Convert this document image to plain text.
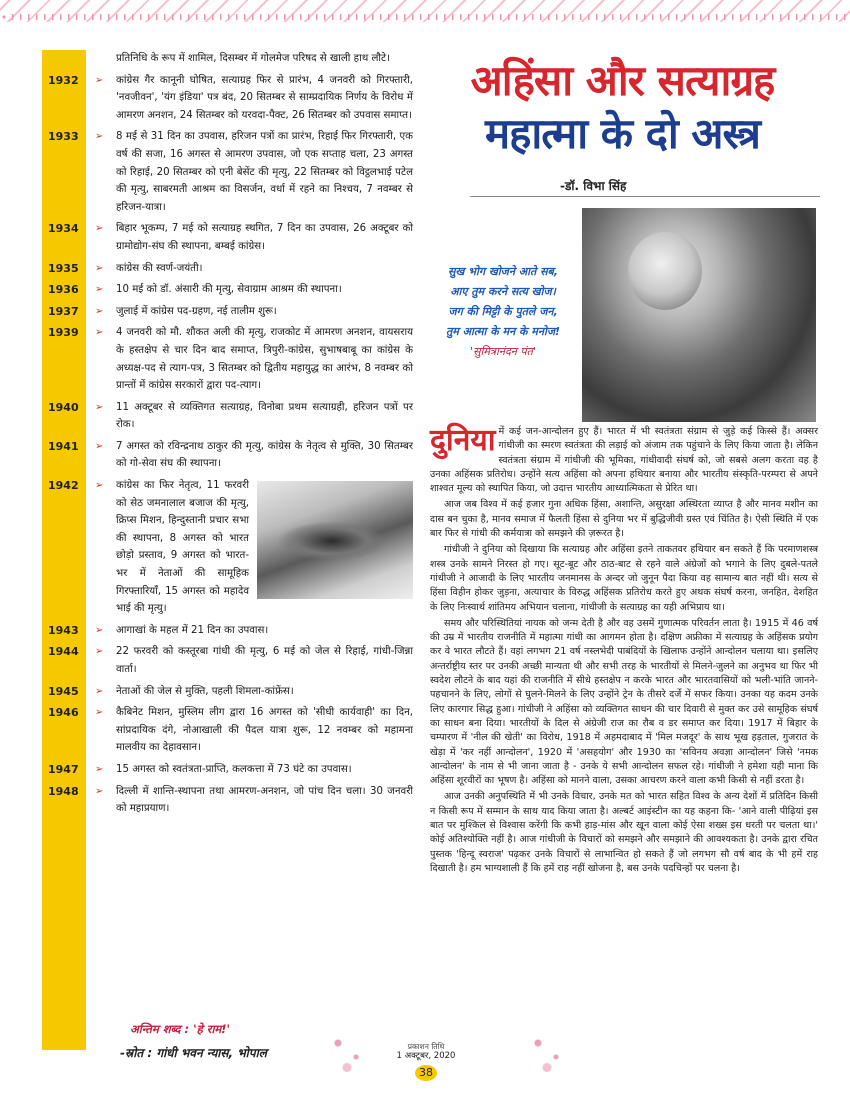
प्रतिनिधि के रूप में शामिल, दिसम्बर में गोलमेज परिषद से खाली हाथ लौटे।
1932 ➢ कांग्रेस गैर कानूनी घोषित, सत्याग्रह फिर से प्रारंभ, 4 जनवरी को गिरफ्तारी, 'नवजीवन', 'यंग इंडिया' पत्र बंद, 20 सितम्बर से साम्प्रदायिक निर्णय के विरोध में आमरण अनशन, 24 सितम्बर को यरवदा-पैक्ट, 26 सितम्बर को उपवास समाप्त।
1933 ➢ 8 मई से 31 दिन का उपवास, हरिजन पत्रों का प्रारंभ, रिहाई फिर गिरफ्तारी, एक वर्ष की सजा, 16 अगस्त से आमरण उपवास, जो एक सप्ताह चला, 23 अगस्त को रिहाई, 20 सितम्बर को एनी बेसेंट की मृत्यु, 22 सितम्बर को विट्ठलभाई पटेल की मृत्यु, साबरमती आश्रम का विसर्जन, वर्धा में रहने का निश्चय, 7 नवम्बर से हरिजन-यात्रा।
1934 ➢ बिहार भूकम्प, 7 मई को सत्याग्रह स्थगित, 7 दिन का उपवास, 26 अक्टूबर को ग्रामोद्योग-संघ की स्थापना, बम्बई कांग्रेस।
1935 ➢ कांग्रेस की स्वर्ण-जयंती।
1936 ➢ 10 मई को डॉ. अंसारी की मृत्यु, सेवाग्राम आश्रम की स्थापना।
1937 ➢ जुलाई में कांग्रेस पद-ग्रहण, नई तालीम शुरू।
1939 ➢ 4 जनवरी को मौ. शौकत अली की मृत्यु, राजकोट में आमरण अनशन, वायसराय के हस्तक्षेप से चार दिन बाद समाप्त, त्रिपुरी-कांग्रेस, सुभाषबाबू का कांग्रेस के अध्यक्ष-पद से त्याग-पत्र, 3 सितम्बर को द्वितीय महायुद्ध का आरंभ, 8 नवम्बर को प्रान्तों में कांग्रेस सरकारों द्वारा पद-त्याग।
1940 ➢ 11 अक्टूबर से व्यक्तिगत सत्याग्रह, विनोबा प्रथम सत्याग्रही, हरिजन पत्रों पर रोक।
1941 ➢ 7 अगस्त को रविन्द्रनाथ ठाकुर की मृत्यु, कांग्रेस के नेतृत्व से मुक्ति, 30 सितम्बर को गो-सेवा संघ की स्थापना।
1942 ➢ कांग्रेस का फिर नेतृत्व, 11 फरवरी को सेठ जमनालाल बजाज की मृत्यु, क्रिप्स मिशन, हिन्दुस्तानी प्रचार सभा की स्थापना, 8 अगस्त को भारत छोड़ो प्रस्ताव, 9 अगस्त को भारत-भर में नेताओं की सामूहिक गिरफ्तारियाँ, 15 अगस्त को महादेव भाई की मृत्यु।
1943 ➢ आगाखां के महल में 21 दिन का उपवास।
1944 ➢ 22 फरवरी को कस्तूरबा गांधी की मृत्यु, 6 मई को जेल से रिहाई, गांधी-जिन्ना वार्ता।
1945 ➢ नेताओं की जेल से मुक्ति, पहली शिमला-कांफ्रेंस।
1946 ➢ कैबिनेट मिशन, मुस्लिम लीग द्वारा 16 अगस्त को 'सीधी कार्यवाही' का दिन, सांप्रदायिक दंगे, नोआखाली की पैदल यात्रा शुरू, 12 नवम्बर को महामना मालवीय का देहावसान।
1947 ➢ 15 अगस्त को स्वतंत्रता-प्राप्ति, कलकत्ता में 73 घंटे का उपवास।
1948 ➢ दिल्ली में शान्ति-स्थापना तथा आमरण-अनशन, जो पांच दिन चला। 30 जनवरी को महाप्रयाण।
अन्तिम शब्द : 'हे राम!'
-स्रोत : गांधी भवन न्यास, भोपाल
अहिंसा और सत्याग्रह
महात्मा के दो अस्त्र
-डॉ. विभा सिंह
सुख भोग खोजने आते सब,
आए तुम करने सत्य खोज।
जग की मिट्टी के पुतले जन,
तुम आत्मा के मन के मनोज!
'सुमित्रानंदन पंत'

दुनिया में कई जन-आन्दोलन हुए हैं। भारत में भी स्वतंत्रता संग्राम से जुड़े कई किस्से हैं। अक्सर गांधीजी का स्मरण स्वतंत्रता की लड़ाई को अंजाम तक पहुंचाने के लिए किया जाता है। लेकिन स्वतंत्रता संग्राम में गांधीजी की भूमिका, गांधीवादी संघर्ष को, जो सबसे अलग करता वह है उनका अहिंसक प्रतिरोध। उन्होंने सत्य अहिंसा को अपना हथियार बनाया और भारतीय संस्कृति-परम्परा से अपने शाश्वत मूल्य को स्थापित किया, जो उदात्त भारतीय आध्यात्मिकता से प्रेरित था।

आज जब विश्व में कई हजार गुना अधिक हिंसा, अशान्ति, असुरक्षा अस्थिरता व्याप्त है और मानव मशीन का दास बन चुका है, मानव समाज में फैलती हिंसा से दुनिया भर में बुद्धिजीवी ग्रस्त एवं चिंतित है। ऐसी स्थिति में एक बार फिर से गांधी की कर्मयात्रा को समझने की ज़रूरत है।

गांधीजी ने दुनिया को दिखाया कि सत्याग्रह और अहिंसा इतने ताकतवर हथियार बन सकते हैं कि परमाणशस्त्र शस्त्र उनके सामने निरस्त हो गए। सूट-बूट और ठाठ-बाट से रहने वाले अंग्रेजों को भगाने के लिए दुबले-पतले गांधीजी ने आजादी के लिए भारतीय जनमानस के अन्दर जो जुनून पैदा किया वह सामान्य बात नहीं थी। सत्य से हिंसा विहीन होकर जुड़ना, अत्याचार के विरुद्ध अहिंसक प्रतिरोध करते हुए अथक संघर्ष करना, जनहित, देशहित के लिए निःस्वार्थ शांतिमय अभियान चलाना, गांधीजी के सत्याग्रह का यही अभिप्राय था।

समय और परिस्थितियां नायक को जन्म देती है और वह उसमें गुणात्मक परिवर्तन लाता है। 1915 में 46 वर्ष की उम्र में भारतीय राजनीति में महात्मा गांधी का आगमन होता है। दक्षिण अफ्रीका में सत्याग्रह के अहिंसक प्रयोग कर वे भारत लौटते हैं। वहां लगभग 21 वर्ष नस्लभेदी पाबंदियों के खिलाफ उन्होंने आन्दोलन चलाया था। इसलिए अन्तर्राष्ट्रीय स्तर पर उनकी अच्छी मान्यता थी और सभी तरह के भारतीयों से मिलने-जुलने का अनुभव था फिर भी स्वदेश लौटने के बाद यहां की राजनीति में सीधे हस्तक्षेप न करके भारत और भारतवासियों को भली-भांति जानने-पहचानने के लिए, लोगों से घुलने-मिलने के लिए उन्होंने ट्रेन के तीसरे दर्जे में सफर किया। उनका यह कदम उनके लिए कारगार सिद्ध हुआ। गांधीजी ने अहिंसा को व्यक्तिगत साधन की चार दिवारी से मुक्त कर उसे सामूहिक संघर्ष का साधन बना दिया। भारतीयों के दिल से अंग्रेजी राज का रौब व डर समाप्त कर दिया। 1917 में बिहार के चम्पारण में 'नील की खेती' का विरोध, 1918 में अहमदाबाद में 'मिल मजदूर' के साथ भूख हड़ताल, गुजरात के खेड़ा में 'कर नहीं आन्दोलन', 1920 में 'असहयोग' और 1930 का 'सविनय अवज्ञा आन्दोलन' जिसे 'नमक आन्दोलन' के नाम से भी जाना जाता है - उनके ये सभी आन्दोलन सफल रहे। गांधीजी ने हमेशा यही माना कि अहिंसा शूरवीरों का भूषण है। अहिंसा को मानने वाला, उसका आचरण करने वाला कभी किसी से नहीं डरता है।

आज उनकी अनुपस्थिति में भी उनके विचार, उनके मत को भारत सहित विश्व के अन्य देशों में प्रतिदिन किसी न किसी रूप में सम्मान के साथ याद किया जाता है। अल्बर्ट आइंस्टीन का यह कहना कि- 'आने वाली पीढ़ियां इस बात पर मुश्किल से विश्वास करेंगी कि कभी हाड़-मांस और खून वाला कोई ऐसा शख्स इस धरती पर चलता था।' कोई अतिश्योक्ति नहीं है। आज गांधीजी के विचारों को समझने और समझाने की आवश्यकता है। उनके द्वारा रचित पुस्तक 'हिन्दू स्वराज' पढ़कर उनके विचारों से लाभान्वित हो सकते हैं जो लगभग सौ वर्ष बाद के भी हमें राह दिखाती है। हम भाग्यशाली हैं कि हमें राह नहीं खोजना है, बस उनके पदचिन्हों पर चलना है।

प्रकाशन तिथि
1 अक्टूबर, 2020
38
